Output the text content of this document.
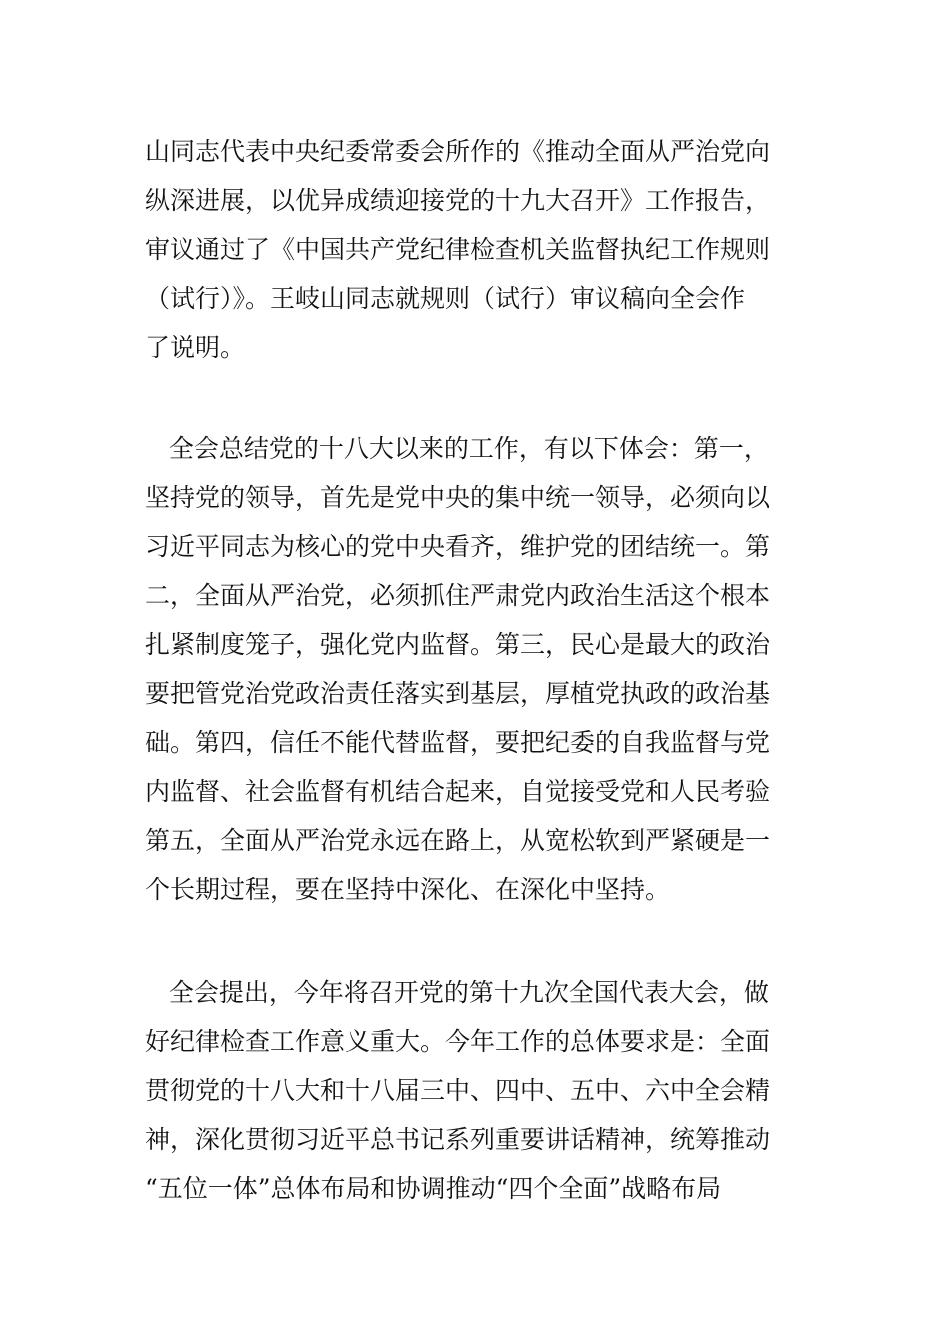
山同志代表中央纪委常委会所作的《推动全面从严治党向
纵深进展，以优异成绩迎接党的十九大召开》工作报告，
审议通过了《中国共产党纪律检查机关监督执纪工作规则
（试行）》。王岐山同志就规则（试行）审议稿向全会作
了说明。
全会总结党的十八大以来的工作，有以下体会：第一，
坚持党的领导，首先是党中央的集中统一领导，必须向以
习近平同志为核心的党中央看齐，维护党的团结统一。第
二，全面从严治党，必须抓住严肃党内政治生活这个根本
扎紧制度笼子，强化党内监督。第三，民心是最大的政治
要把管党治党政治责任落实到基层，厚植党执政的政治基
础。第四，信任不能代替监督，要把纪委的自我监督与党
内监督、社会监督有机结合起来，自觉接受党和人民考验
第五，全面从严治党永远在路上，从宽松软到严紧硬是一
个长期过程，要在坚持中深化、在深化中坚持。
全会提出，今年将召开党的第十九次全国代表大会，做
好纪律检查工作意义重大。今年工作的总体要求是：全面
贯彻党的十八大和十八届三中、四中、五中、六中全会精
神，深化贯彻习近平总书记系列重要讲话精神，统筹推动
“五位一体”总体布局和协调推动“四个全面”战略布局
